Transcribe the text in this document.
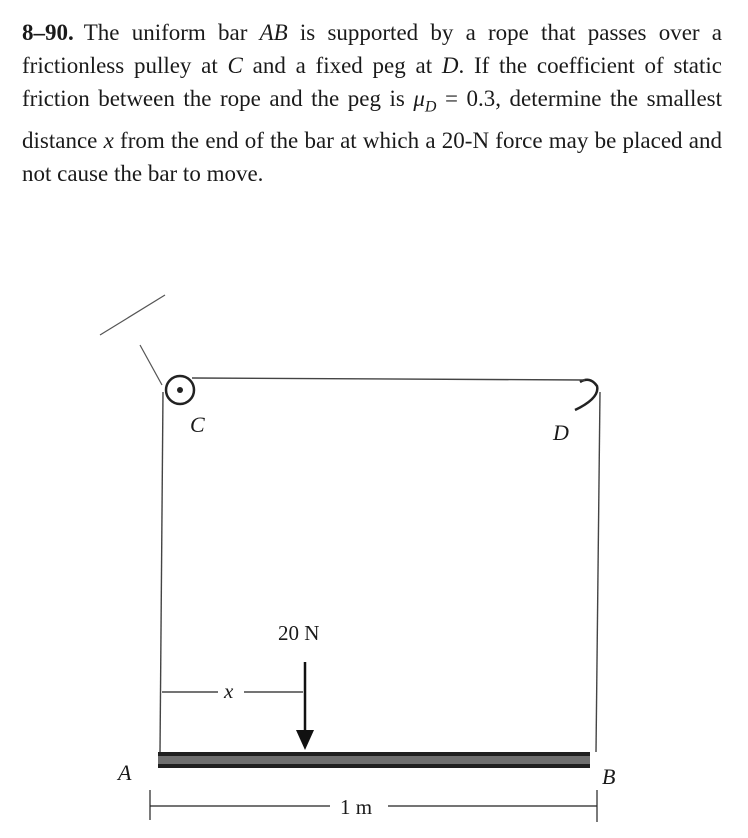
8–90. The uniform bar AB is supported by a rope that passes over a frictionless pulley at C and a fixed peg at D. If the coefficient of static friction between the rope and the peg is $\mu_D = 0.3$, determine the smallest distance x from the end of the bar at which a 20-N force may be placed and not cause the bar to move.
C	D
A	B
20 N
x
1 m
